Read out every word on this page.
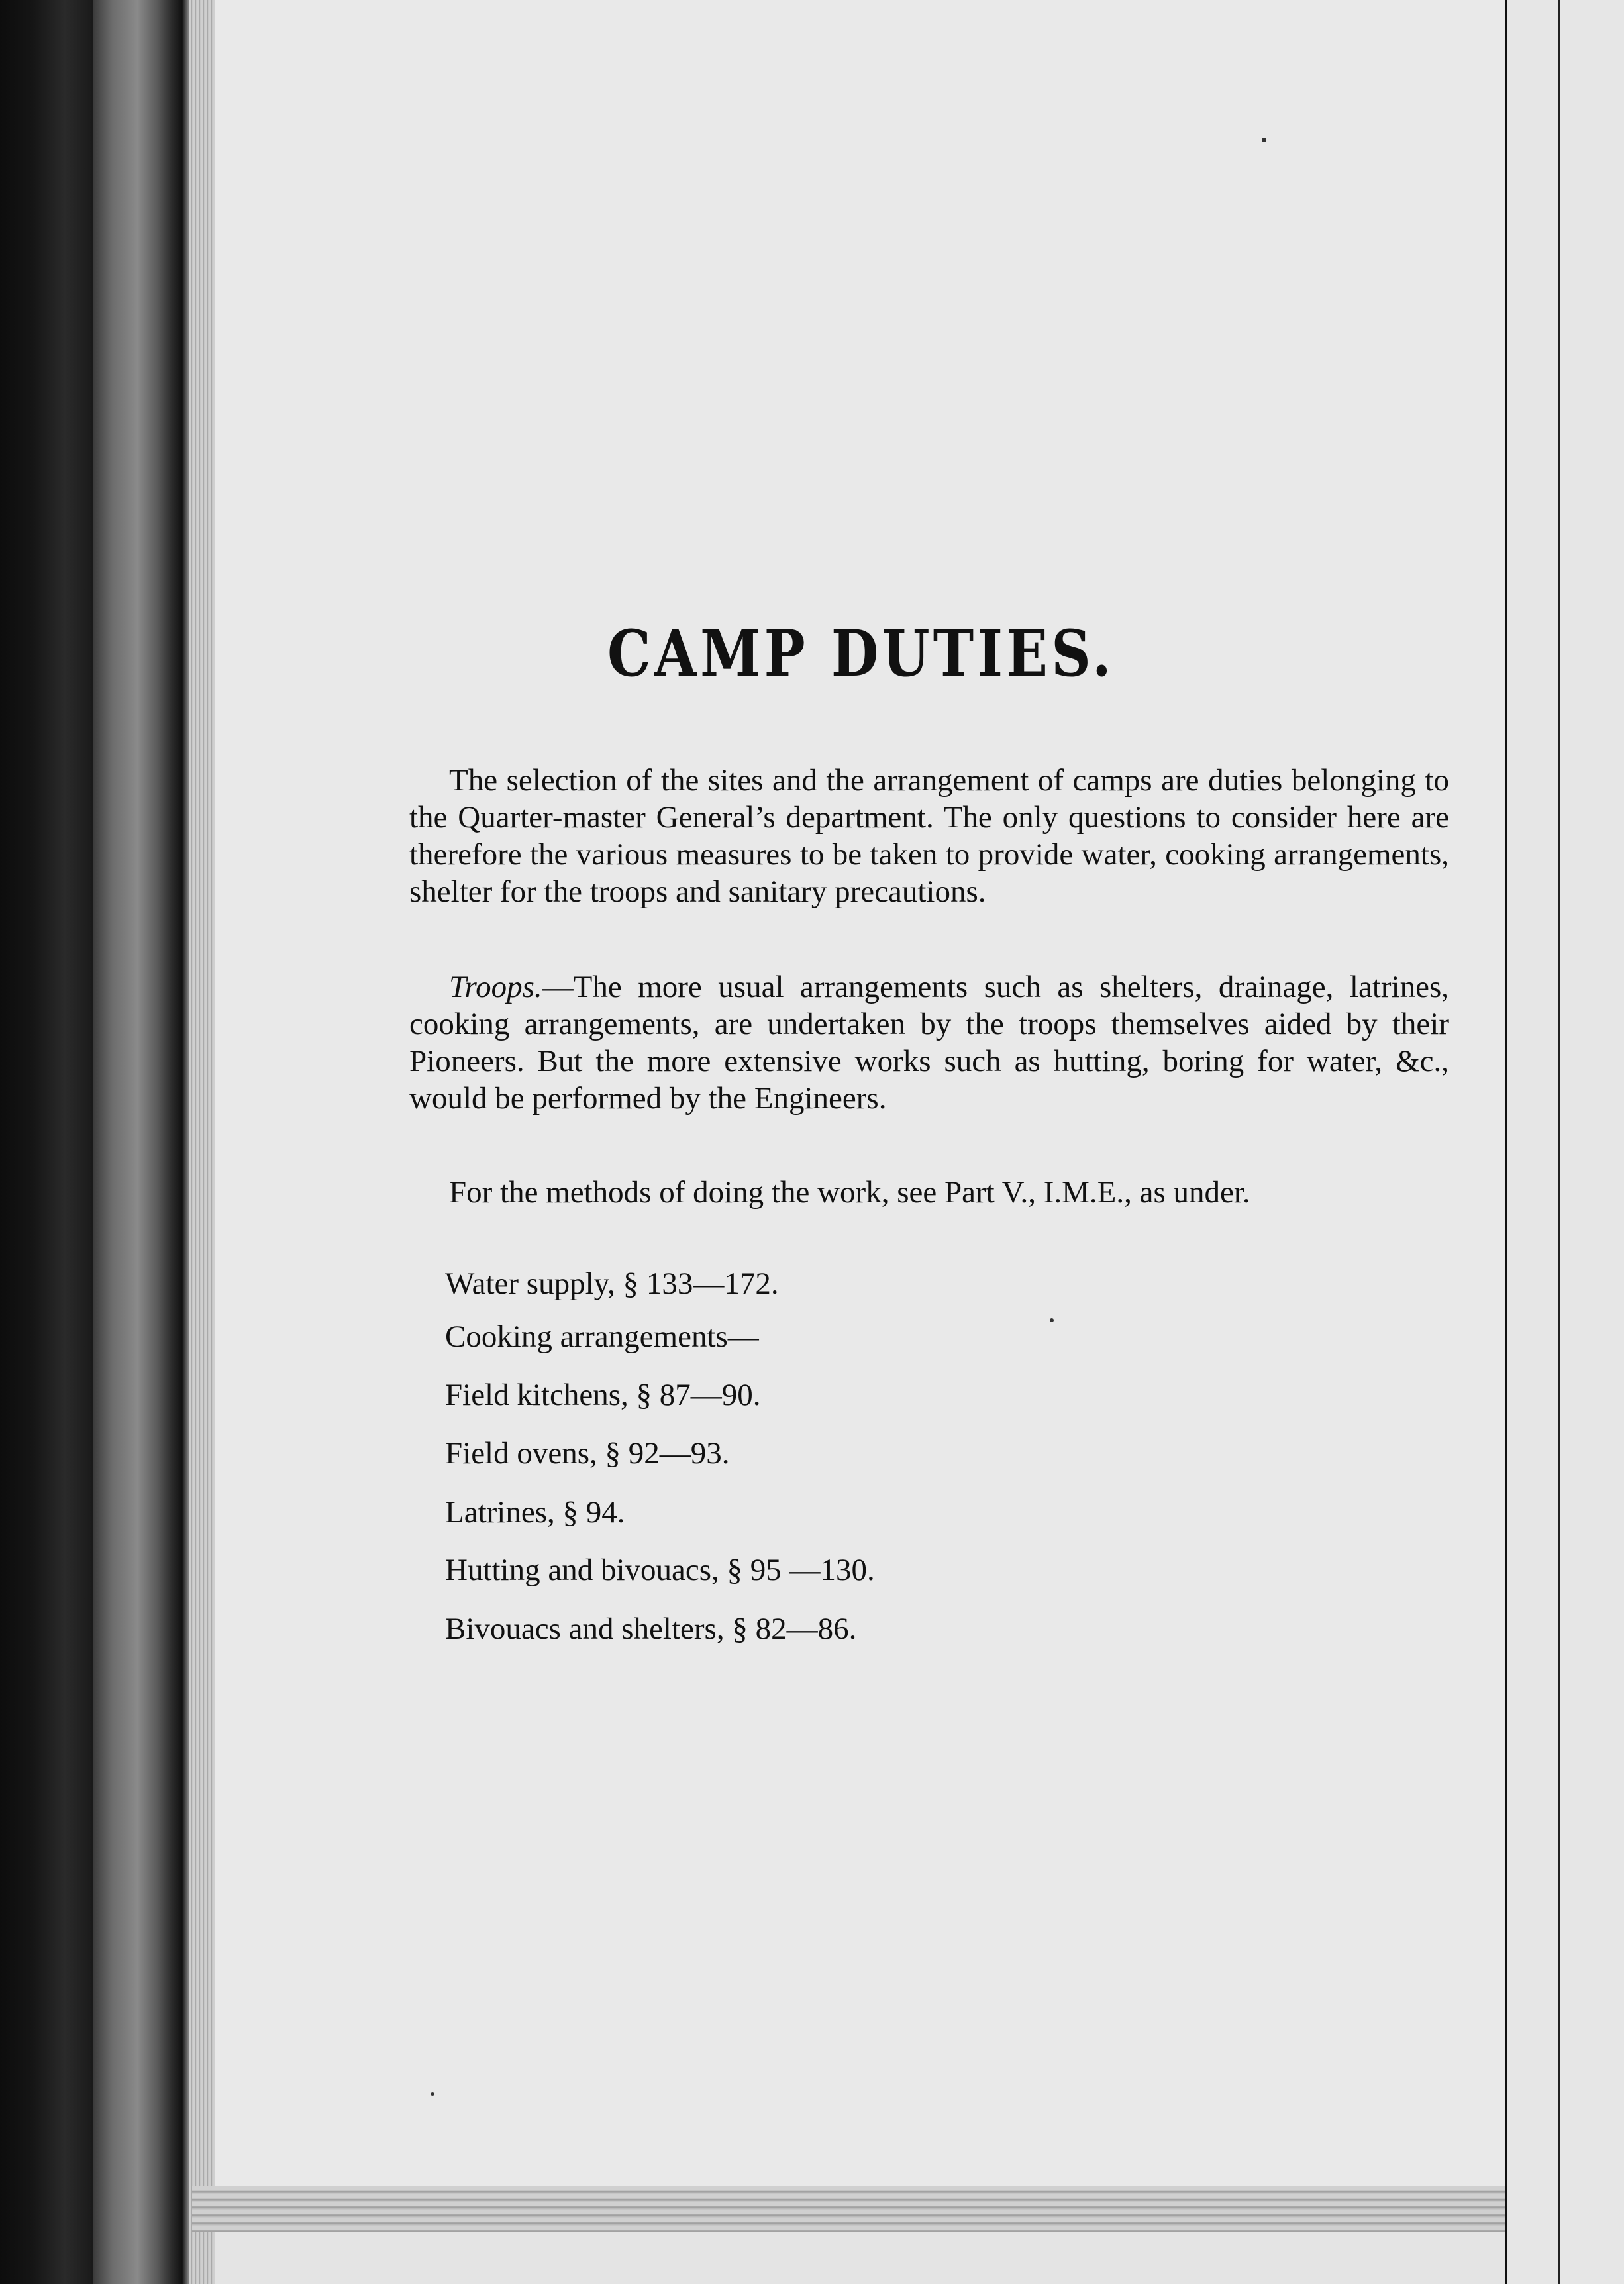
CAMP DUTIES.

The selection of the sites and the arrangement of camps are duties belonging to the Quarter-master General’s department. The only questions to consider here are therefore the various measures to be taken to provide water, cooking arrangements, shelter for the troops and sanitary precautions.

Troops.—The more usual arrangements such as shelters, drainage, latrines, cooking arrangements, are undertaken by the troops themselves aided by their Pioneers. But the more extensive works such as hutting, boring for water, &c., would be performed by the Engineers.

For the methods of doing the work, see Part V., I.M.E., as under.

Water supply, § 133—172.
Cooking arrangements—
Field kitchens, § 87—90.
Field ovens, § 92—93.
Latrines, § 94.
Hutting and bivouacs, § 95 —130.
Bivouacs and shelters, § 82—86.
